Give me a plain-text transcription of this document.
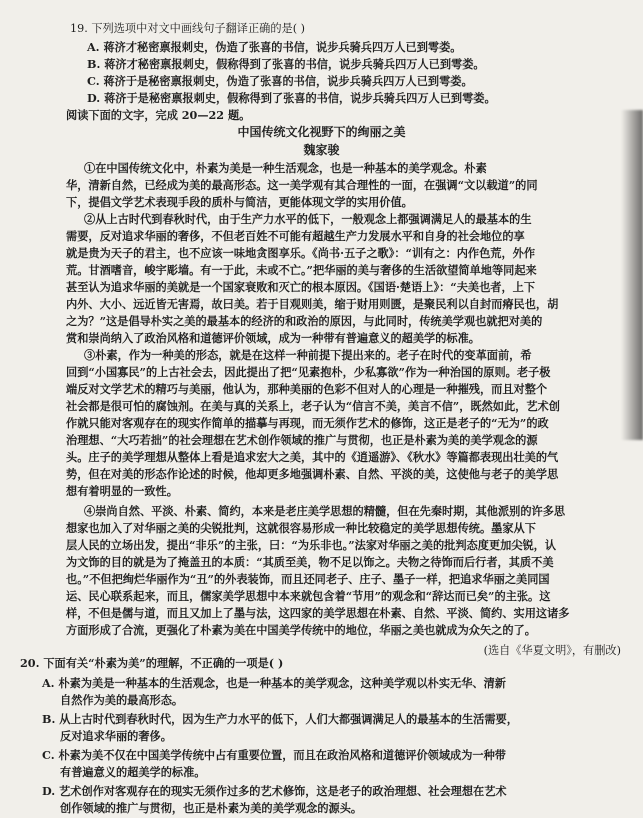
19. 下列选项中对文中画线句子翻译正确的是( )
A. 蒋济才秘密禀报刺史，伪造了张喜的书信，说步兵骑兵四万人已到雩娄。
B. 蒋济才秘密禀报刺史，假称得到了张喜的书信，说步兵骑兵四万人已到雩娄。
C. 蒋济于是秘密禀报刺史，伪造了张喜的书信，说步兵骑兵四万人已到雩娄。
D. 蒋济于是秘密禀报刺史，假称得到了张喜的书信，说步兵骑兵四万人已到雩娄。
阅读下面的文字，完成 20—22 题。
中国传统文化视野下的绚丽之美
魏家骏
①在中国传统文化中，朴素为美是一种生活观念，也是一种基本的美学观念。朴素
华，清新自然，已经成为美的最高形态。这一美学观有其合理性的一面，在强调“文以载道”的同
下，提倡文学艺术表现手段的质朴与简洁，更能体现文学的实用价值。
②从上古时代到春秋时代，由于生产力水平的低下，一般观念上都强调满足人的最基本的生
需要，反对追求华丽的奢侈，不但老百姓不可能有超越生产力发展水平和自身的社会地位的享
就是贵为天子的君主，也不应该一味地贪图享乐。《尚书·五子之歌》：“训有之：内作色荒，外作
荒。甘酒嗜音，峻宇彫墙。有一于此，未或不亡。”把华丽的美与奢侈的生活欲望简单地等同起来
甚至认为追求华丽的美就是一个国家衰败和灭亡的根本原因。《国语·楚语上》：“夫美也者，上下
内外、大小、远近皆无害焉，故曰美。若于目观则美，缩于财用则匮，是聚民利以自封而瘠民也，胡
之为？”这是倡导朴实之美的最基本的经济的和政治的原因，与此同时，传统美学观也就把对美的
赏和崇尚纳入了政治风格和道德评价领域，成为一种带有普遍意义的超美学的标准。
③朴素，作为一种美的形态，就是在这样一种前提下提出来的。老子在时代的变革面前，希
回到“小国寡民”的上古社会去，因此提出了把“见素抱朴，少私寡欲”作为一种治国的原则。老子极
端反对文学艺术的精巧与美丽，他认为，那种美丽的色彩不但对人的心理是一种摧残，而且对整个
社会都是很可怕的腐蚀剂。在美与真的关系上，老子认为“信言不美，美言不信”，既然如此，艺术创
作就只能对客观存在的现实作简单的描摹与再现，而无须作艺术的修饰，这正是老子的“无为”的政
治理想、“大巧若拙”的社会理想在艺术创作领域的推广与贯彻，也正是朴素为美的美学观念的源
头。庄子的美学理想从整体上看是追求宏大之美，其中的《逍遥游》、《秋水》等篇都表现出壮美的气
势，但在对美的形态作论述的时候，他却更多地强调朴素、自然、平淡的美，这使他与老子的美学思
想有着明显的一致性。
④崇尚自然、平淡、朴素、简约，本来是老庄美学思想的精髓，但在先秦时期，其他派别的许多思
想家也加入了对华丽之美的尖锐批判，这就很容易形成一种比较稳定的美学思想传统。墨家从下
层人民的立场出发，提出“非乐”的主张，曰：“为乐非也。”法家对华丽之美的批判态度更加尖锐，认
为文饰的目的就是为了掩盖丑的本质：“其质至美，物不足以饰之。夫物之待饰而后行者，其质不美
也。”不但把绚烂华丽作为“丑”的外表装饰，而且还同老子、庄子、墨子一样，把追求华丽之美同国
运、民心联系起来，而且，儒家美学思想中本来就包含着“节用”的观念和“辞达而已矣”的主张。这
样，不但是儒与道，而且又加上了墨与法，这四家的美学思想在朴素、自然、平淡、简约、实用这诸多
方面形成了合流，更强化了朴素为美在中国美学传统中的地位，华丽之美也就成为众矢之的了。
(选自《华夏文明》，有删改)
20. 下面有关“朴素为美”的理解，不正确的一项是( )
A. 朴素为美是一种基本的生活观念，也是一种基本的美学观念，这种美学观以朴实无华、清新
自然作为美的最高形态。
B. 从上古时代到春秋时代，因为生产力水平的低下，人们大都强调满足人的最基本的生活需要，
反对追求华丽的奢侈。
C. 朴素为美不仅在中国美学传统中占有重要位置，而且在政治风格和道德评价领域成为一种带
有普遍意义的超美学的标准。
D. 艺术创作对客观存在的现实无须作过多的艺术修饰，这是老子的政治理想、社会理想在艺术
创作领域的推广与贯彻，也正是朴素为美的美学观念的源头。
